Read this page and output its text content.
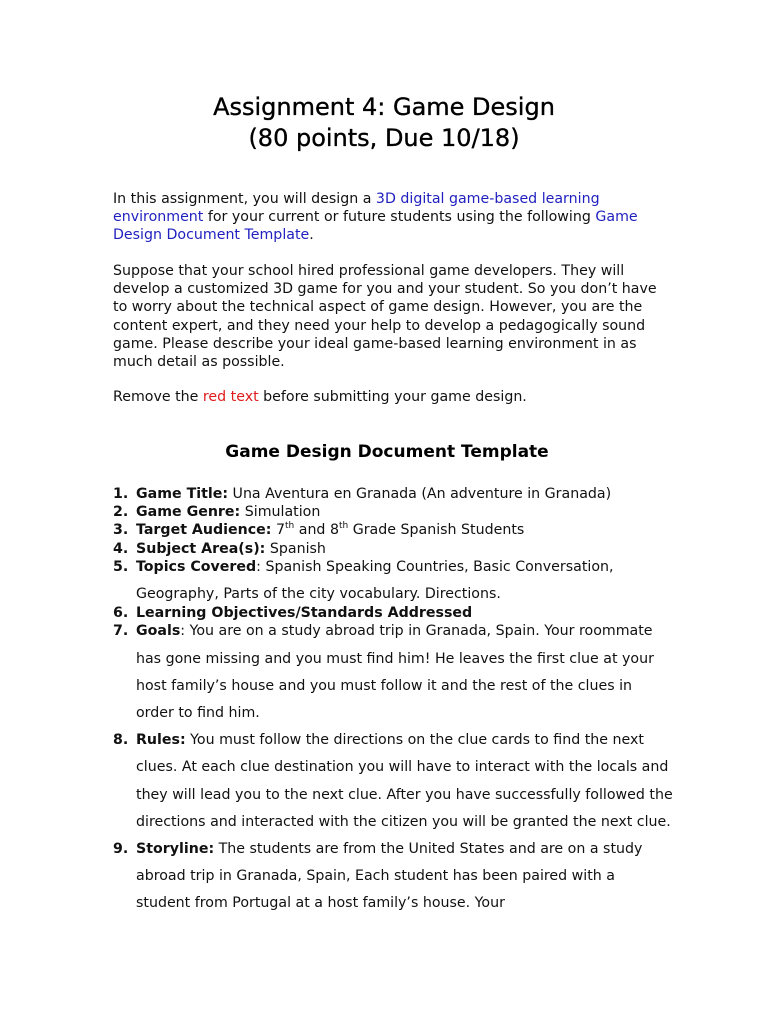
Assignment 4: Game Design
(80 points, Due 10/18)

In this assignment, you will design a 3D digital game-based learning environment for your current or future students using the following Game Design Document Template.

Suppose that your school hired professional game developers. They will develop a customized 3D game for you and your student. So you don’t have to worry about the technical aspect of game design. However, you are the content expert, and they need your help to develop a pedagogically sound game. Please describe your ideal game-based learning environment in as much detail as possible.

Remove the red text before submitting your game design.

Game Design Document Template
1. Game Title: Una Aventura en Granada (An adventure in Granada)
2. Game Genre: Simulation
3. Target Audience: 7th and 8th Grade Spanish Students
4. Subject Area(s): Spanish
5. Topics Covered: Spanish Speaking Countries, Basic Conversation, Geography, Parts of the city vocabulary. Directions.
6. Learning Objectives/Standards Addressed
7. Goals: You are on a study abroad trip in Granada, Spain. Your roommate has gone missing and you must find him! He leaves the first clue at your host family’s house and you must follow it and the rest of the clues in order to find him.
8. Rules: You must follow the directions on the clue cards to find the next clues. At each clue destination you will have to interact with the locals and they will lead you to the next clue. After you have successfully followed the directions and interacted with the citizen you will be granted the next clue.
9. Storyline: The students are from the United States and are on a study abroad trip in Granada, Spain, Each student has been paired with a student from Portugal at a host family’s house. Your
